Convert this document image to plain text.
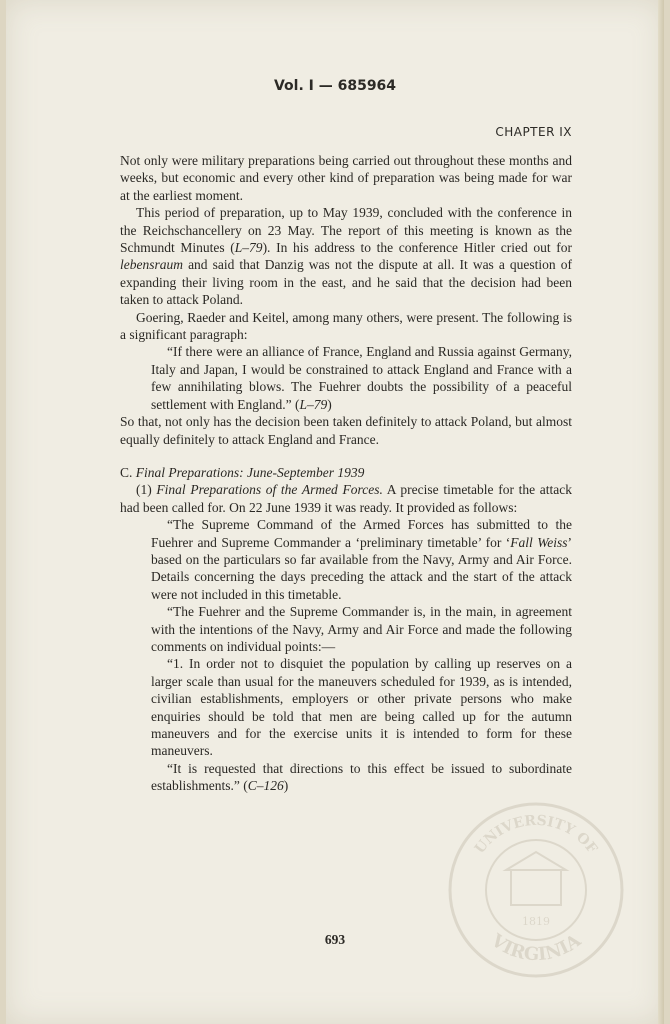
Vol. I — 685964
CHAPTER IX

Not only were military preparations being carried out throughout these months and weeks, but economic and every other kind of preparation was being made for war at the earliest moment.

This period of preparation, up to May 1939, concluded with the conference in the Reichschancellery on 23 May. The report of this meeting is known as the Schmundt Minutes (L–79). In his address to the conference Hitler cried out for lebensraum and said that Danzig was not the dispute at all. It was a question of expanding their living room in the east, and he said that the decision had been taken to attack Poland.

Goering, Raeder and Keitel, among many others, were present. The following is a significant paragraph:

“If there were an alliance of France, England and Russia against Germany, Italy and Japan, I would be constrained to attack England and France with a few annihilating blows. The Fuehrer doubts the possibility of a peaceful settlement with England.” (L–79)

So that, not only has the decision been taken definitely to attack Poland, but almost equally definitely to attack England and France.

C. Final Preparations: June-September 1939

(1) Final Preparations of the Armed Forces. A precise timetable for the attack had been called for. On 22 June 1939 it was ready. It provided as follows:

“The Supreme Command of the Armed Forces has submitted to the Fuehrer and Supreme Commander a ‘preliminary timetable’ for ‘Fall Weiss’ based on the particulars so far available from the Navy, Army and Air Force. Details concerning the days preceding the attack and the start of the attack were not included in this timetable.

“The Fuehrer and the Supreme Commander is, in the main, in agreement with the intentions of the Navy, Army and Air Force and made the following comments on individual points:—

“1. In order not to disquiet the population by calling up reserves on a larger scale than usual for the maneuvers scheduled for 1939, as is intended, civilian establishments, employers or other private persons who make enquiries should be told that men are being called up for the autumn maneuvers and for the exercise units it is intended to form for these maneuvers.

“It is requested that directions to this effect be issued to subordinate establishments.” (C–126)

693
UNIVERSITY OF
VIRGINIA
1819
